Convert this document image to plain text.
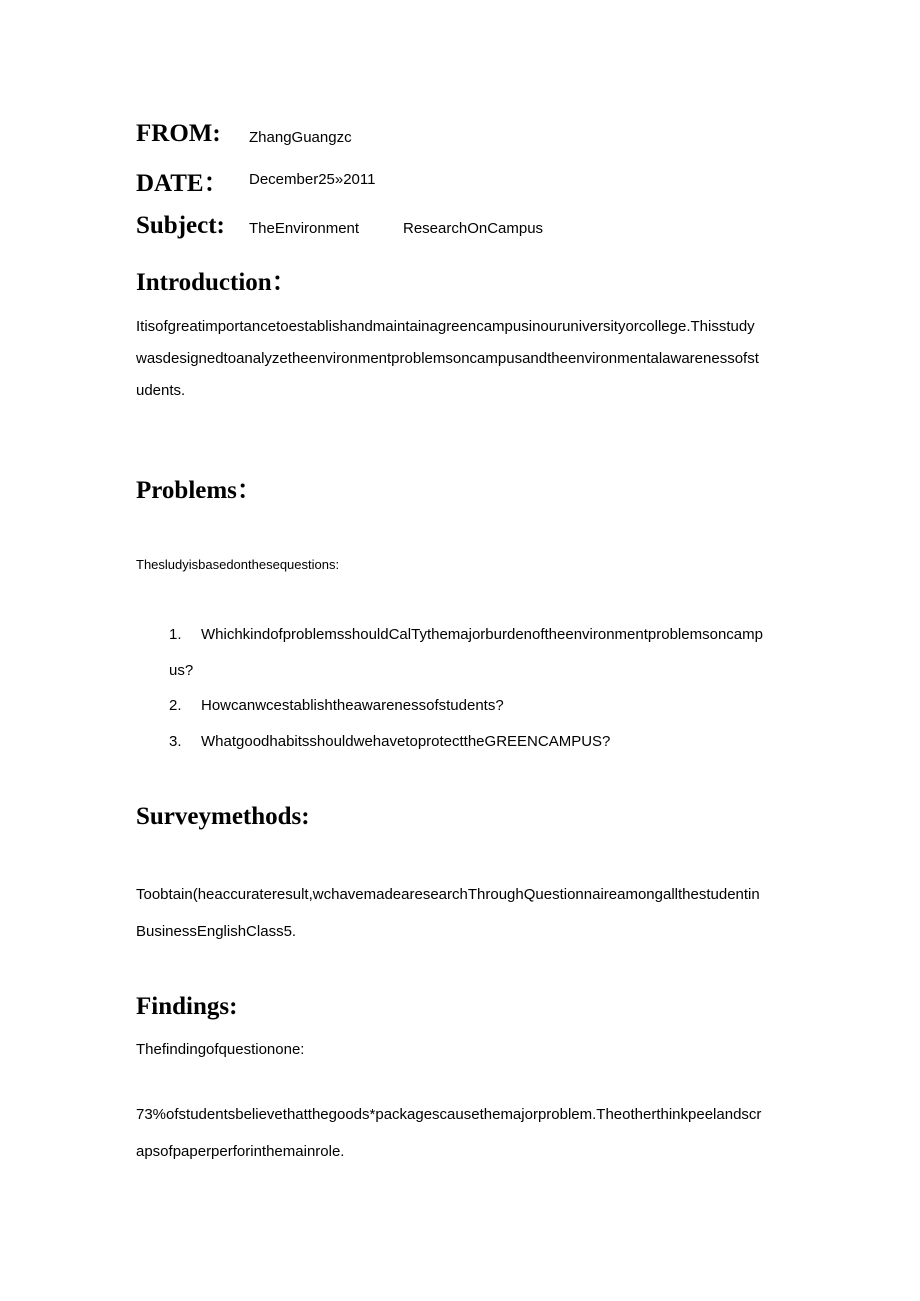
FROM: ZhangGuangzc
DATE： December25»2011
Subject: TheEnvironment	ResearchOnCampus
Introduction：
Itisofgreatimportancetoestablishandmaintainagreencampusinouruniversityorcollege.Thisstudy
wasdesignedtoanalyzetheenvironmentproblemsoncampusandtheenvironmentalawarenessofst
udents.
Problems：
Thesludyisbasedonthesequestions:
1. WhichkindofproblemsshouldCalTythemajorburdenoftheenvironmentproblemsoncamp
us?
2. Howcanwcestablishtheawarenessofstudents?
3. WhatgoodhabitsshouldwehavetoprotecttheGREENCAMPUS?
Surveymethods:
Toobtain(heaccurateresult,wchavemadearesearchThroughQuestionnaireamongallthestudentin
BusinessEnglishClass5.
Findings:
Thefindingofquestionone:
73%ofstudentsbelievethatthegoods*packagescausethemajorproblem.Theotherthinkpeelandscr
apsofpaperperforinthemainrole.
